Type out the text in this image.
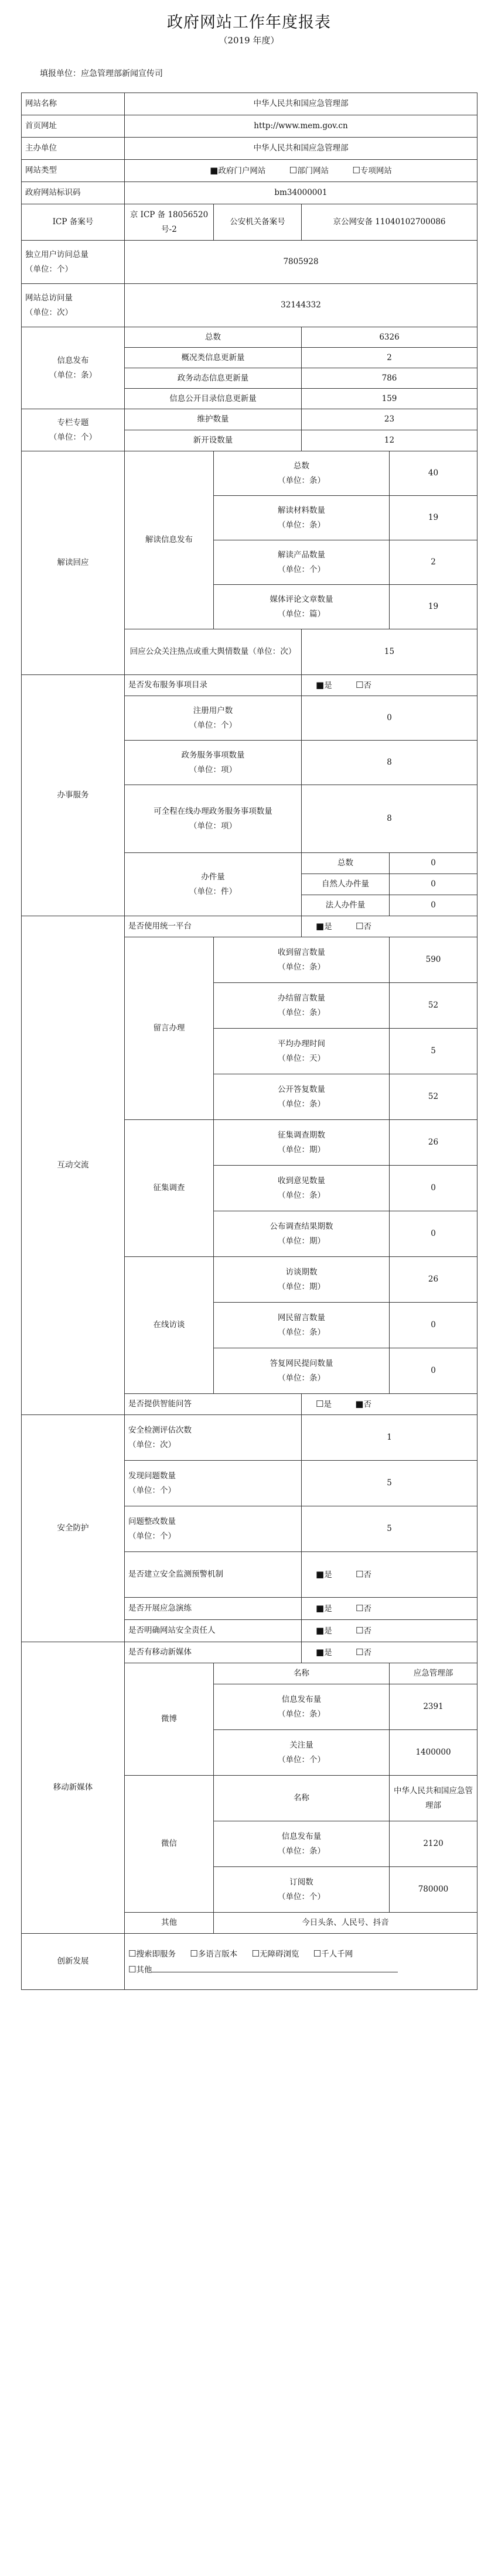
政府网站工作年度报表
（2019 年度）
填报单位：应急管理部新闻宣传司
网站名称	中华人民共和国应急管理部			
首页网址	http://www.mem.gov.cn			
主办单位	中华人民共和国应急管理部			
网站类型	■政府门户网站 ☐部门网站 ☐专项网站			
政府网站标识码	bm34000001			
ICP 备案号	京 ICP 备 18056520 号-2	公安机关备案号	京公网安备 11040102700086	

独立用户访问总量
（单位：个）	7805928			

网站总访问量
（单位：次）	32144332			

信息发布
（单位：条）	总数		6326	
	概况类信息更新量		2	
	政务动态信息更新量		786	
	信息公开目录信息更新量		159	

专栏专题
（单位：个）	维护数量		23	
	新开设数量		12	
解读回应	解读信息发布	总数
（单位：条）		40

		解读材料数量
（单位：条）		19

		解读产品数量
（单位：个）		2

		媒体评论文章数量
（单位：篇）		19
	回应公众关注热点或重大舆情数量（单位：次）		15	
办事服务	是否发布服务事项目录		■是 ☐否	

	注册用户数
（单位：个）		0	

	政务服务事项数量
（单位：项）		8	

	可全程在线办理政务服务事项数量
（单位：项）		8	

	办件量
（单位：件）		总数	0
			自然人办件量	0
			法人办件量	0
互动交流	是否使用统一平台		■是 ☐否	
	留言办理	收到留言数量
（单位：条）		590

		办结留言数量
（单位：条）		52

		平均办理时间
（单位：天）		5

		公开答复数量
（单位：条）		52
	征集调查	征集调查期数
（单位：期）		26

		收到意见数量
（单位：条）		0

		公布调查结果期数
（单位：期）		0
	在线访谈	访谈期数
（单位：期）		26

		网民留言数量
（单位：条）		0

		答复网民提问数量
（单位：条）		0
	是否提供智能问答		☐是 ■否	
安全防护	安全检测评估次数
（单位：次）		1	

	发现问题数量
（单位：个）		5	

	问题整改数量
（单位：个）		5	
	是否建立安全监测预警机制		■是 ☐否	
	是否开展应急演练		■是 ☐否	
	是否明确网站安全责任人		■是 ☐否	
移动新媒体	是否有移动新媒体		■是 ☐否	
	微博	名称		应急管理部

		信息发布量
（单位：条）		2391

		关注量
（单位：个）		1400000
	微信	名称		中华人民共和国应急管理部

		信息发布量
（单位：条）		2120

		订阅数
（单位：个）		780000
	其他	今日头条、人民号、抖音		
创新发展	☐搜索即服务 ☐多语言版本 ☐无障碍浏览 ☐千人千网
☐其他			
